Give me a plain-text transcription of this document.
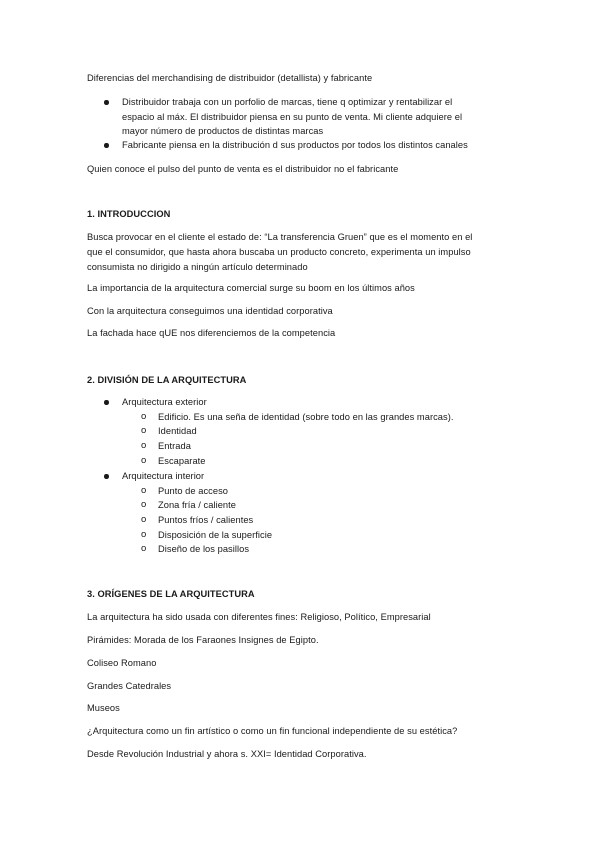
Diferencias del merchandising de distribuidor (detallista) y fabricante
Distribuidor trabaja con un porfolio de marcas, tiene q optimizar y rentabilizar el
espacio al máx. El distribuidor piensa en su punto de venta. Mi cliente adquiere el
mayor número de productos de distintas marcas
Fabricante piensa en la distribución d sus productos por todos los distintos canales
Quien conoce el pulso del punto de venta es el distribuidor no el fabricante
1. INTRODUCCION
Busca provocar en el cliente el estado de: “La transferencia Gruen” que es el momento en el
que el consumidor, que hasta ahora buscaba un producto concreto, experimenta un impulso
consumista no dirigido a ningún artículo determinado
La importancia de la arquitectura comercial surge su boom en los últimos años
Con la arquitectura conseguimos una identidad corporativa
La fachada hace qUE nos diferenciemos de la competencia
2. DIVISIÓN DE LA ARQUITECTURA
Arquitectura exterior
o Edificio. Es una seña de identidad (sobre todo en las grandes marcas).
o Identidad
o Entrada
o Escaparate
Arquitectura interior
o Punto de acceso
o Zona fría / caliente
o Puntos fríos / calientes
o Disposición de la superficie
o Diseño de los pasillos
3. ORÍGENES DE LA ARQUITECTURA
La arquitectura ha sido usada con diferentes fines: Religioso, Político, Empresarial
Pirámides: Morada de los Faraones Insignes de Egipto.
Coliseo Romano
Grandes Catedrales
Museos
¿Arquitectura como un fin artístico o como un fin funcional independiente de su estética?
Desde Revolución Industrial y ahora s. XXI= Identidad Corporativa.
